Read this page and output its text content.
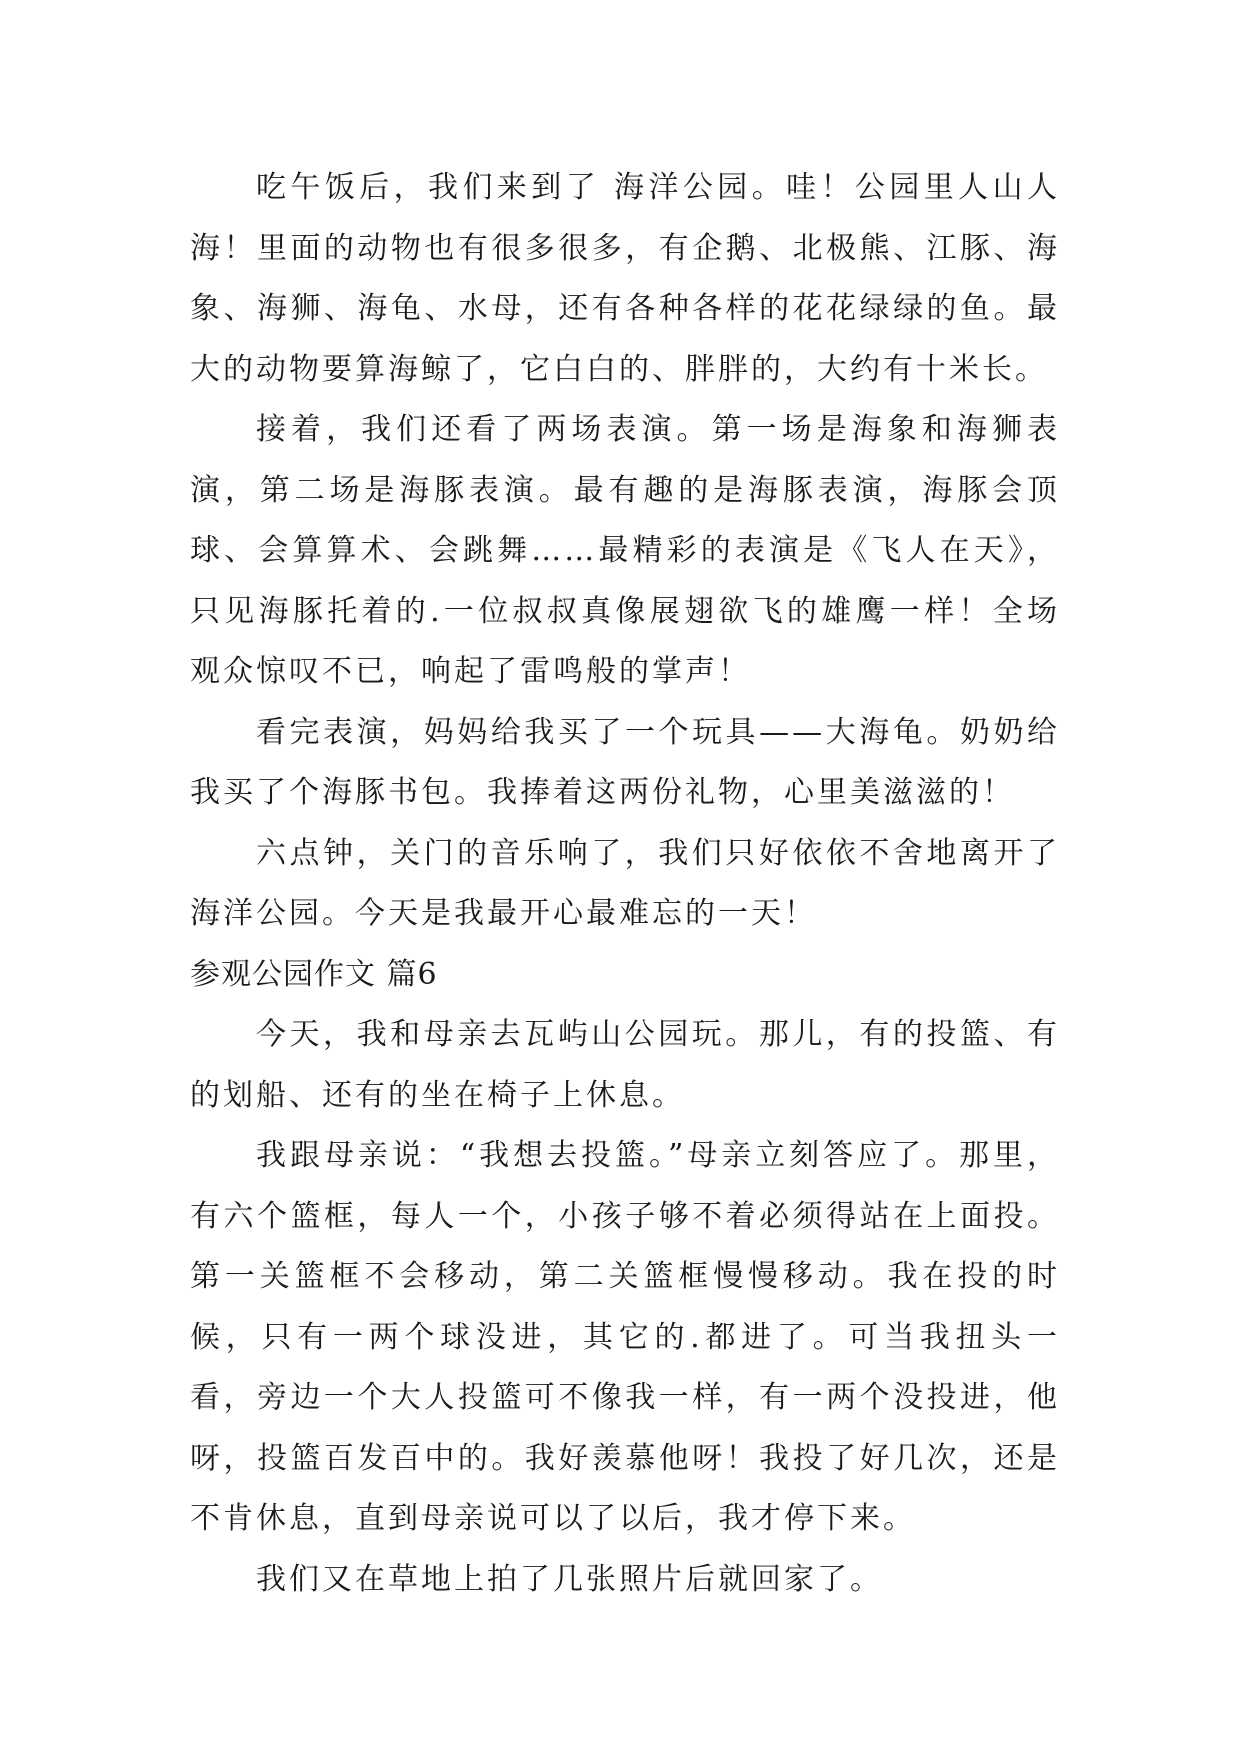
吃午饭后，我们来到了 海洋公园。哇！公园里人山人海！里面的动物也有很多很多，有企鹅、北极熊、江豚、海象、海狮、海龟、水母，还有各种各样的花花绿绿的鱼。最大的动物要算海鲸了，它白白的、胖胖的，大约有十米长。

接着，我们还看了两场表演。第一场是海象和海狮表演，第二场是海豚表演。最有趣的是海豚表演，海豚会顶球、会算算术、会跳舞……最精彩的表演是《飞人在天》，只见海豚托着的.一位叔叔真像展翅欲飞的雄鹰一样！全场观众惊叹不已，响起了雷鸣般的掌声！

看完表演，妈妈给我买了一个玩具——大海龟。奶奶给我买了个海豚书包。我捧着这两份礼物，心里美滋滋的！

六点钟，关门的音乐响了，我们只好依依不舍地离开了海洋公园。今天是我最开心最难忘的一天！

参观公园作文 篇6

今天，我和母亲去瓦屿山公园玩。那儿，有的投篮、有的划船、还有的坐在椅子上休息。

我跟母亲说：“我想去投篮。”母亲立刻答应了。那里，有六个篮框，每人一个，小孩子够不着必须得站在上面投。第一关篮框不会移动，第二关篮框慢慢移动。我在投的时候，只有一两个球没进，其它的.都进了。可当我扭头一看，旁边一个大人投篮可不像我一样，有一两个没投进，他呀，投篮百发百中的。我好羡慕他呀！我投了好几次，还是不肯休息，直到母亲说可以了以后，我才停下来。

我们又在草地上拍了几张照片后就回家了。
